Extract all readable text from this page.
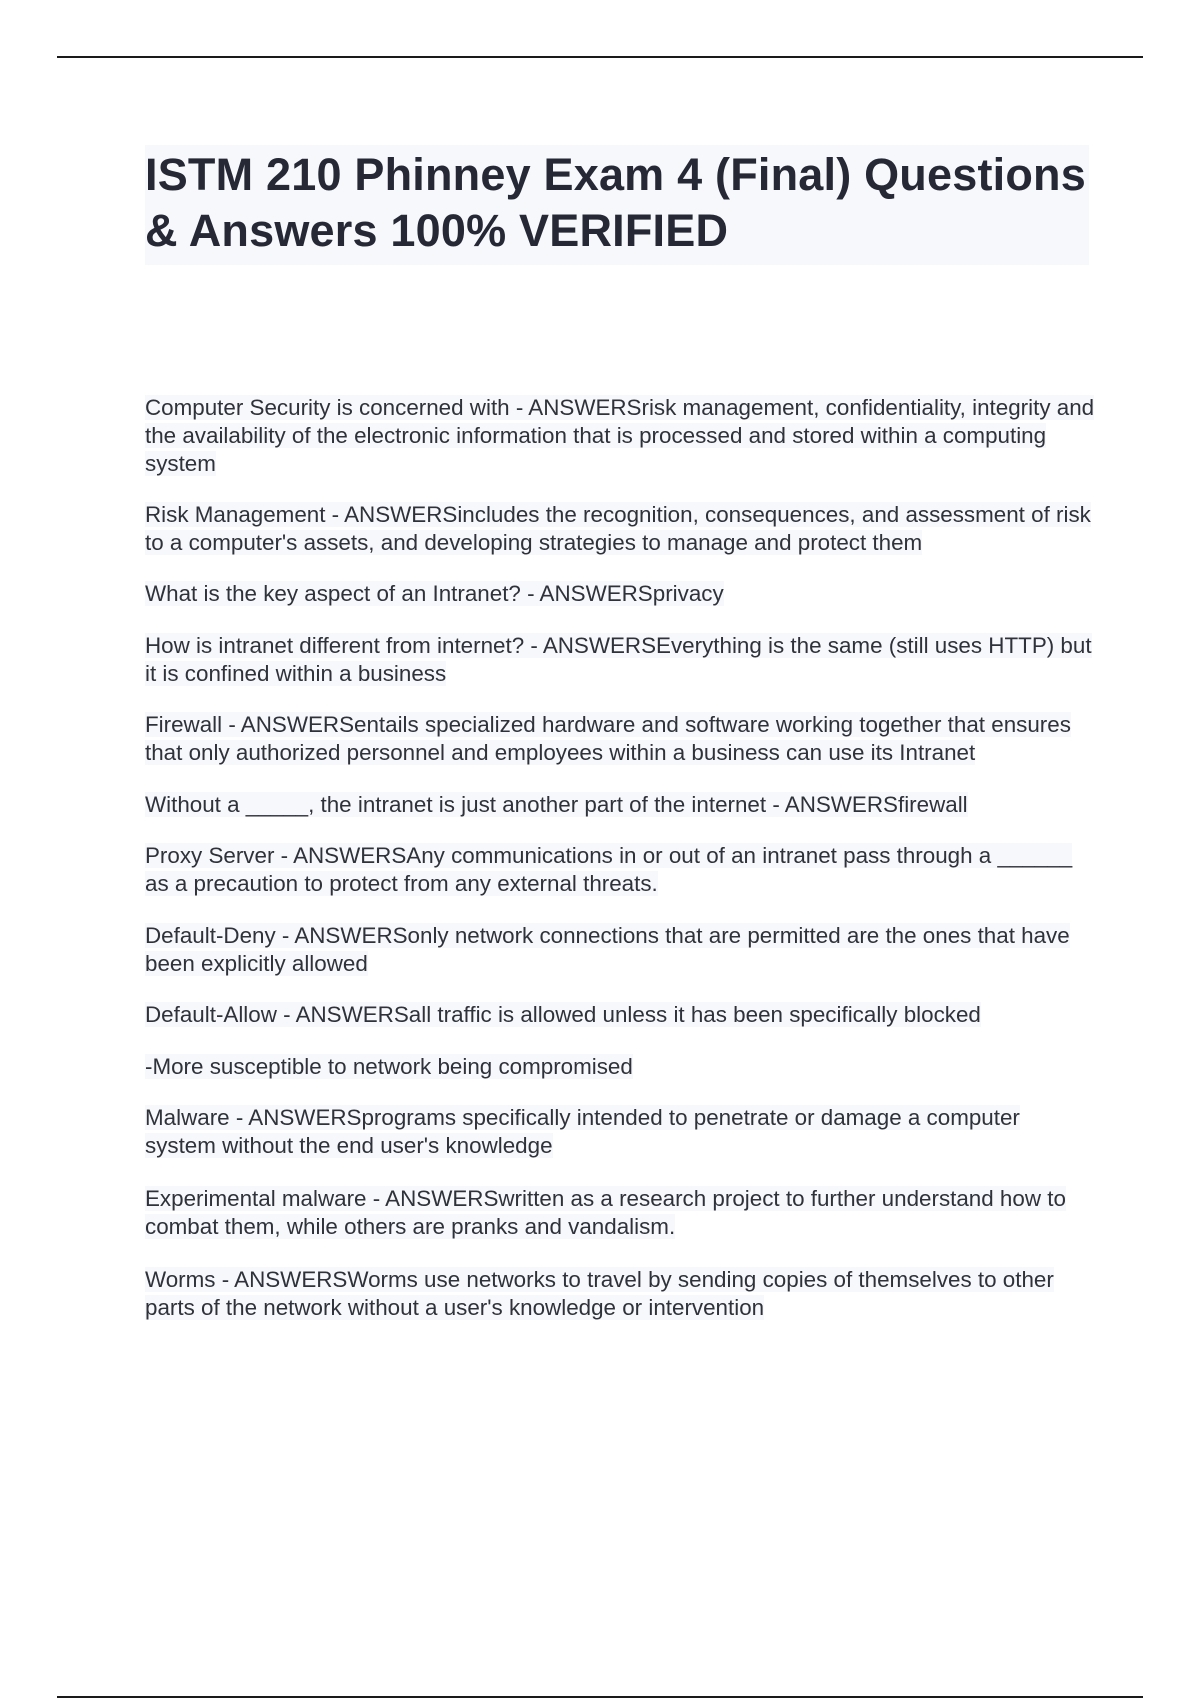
ISTM 210 Phinney Exam 4 (Final) Questions & Answers 100% VERIFIED

Computer Security is concerned with - ANSWERSrisk management, confidentiality, integrity and the availability of the electronic information that is processed and stored within a computing system

Risk Management - ANSWERSincludes the recognition, consequences, and assessment of risk to a computer's assets, and developing strategies to manage and protect them

What is the key aspect of an Intranet? - ANSWERSprivacy

How is intranet different from internet? - ANSWERSEverything is the same (still uses HTTP) but it is confined within a business

Firewall - ANSWERSentails specialized hardware and software working together that ensures that only authorized personnel and employees within a business can use its Intranet

Without a _____, the intranet is just another part of the internet - ANSWERSfirewall

Proxy Server - ANSWERSAny communications in or out of an intranet pass through a ______ as a precaution to protect from any external threats.

Default-Deny - ANSWERSonly network connections that are permitted are the ones that have been explicitly allowed

Default-Allow - ANSWERSall traffic is allowed unless it has been specifically blocked

-More susceptible to network being compromised

Malware - ANSWERSprograms specifically intended to penetrate or damage a computer system without the end user's knowledge

Experimental malware - ANSWERSwritten as a research project to further understand how to combat them, while others are pranks and vandalism.

Worms - ANSWERSWorms use networks to travel by sending copies of themselves to other parts of the network without a user's knowledge or intervention
